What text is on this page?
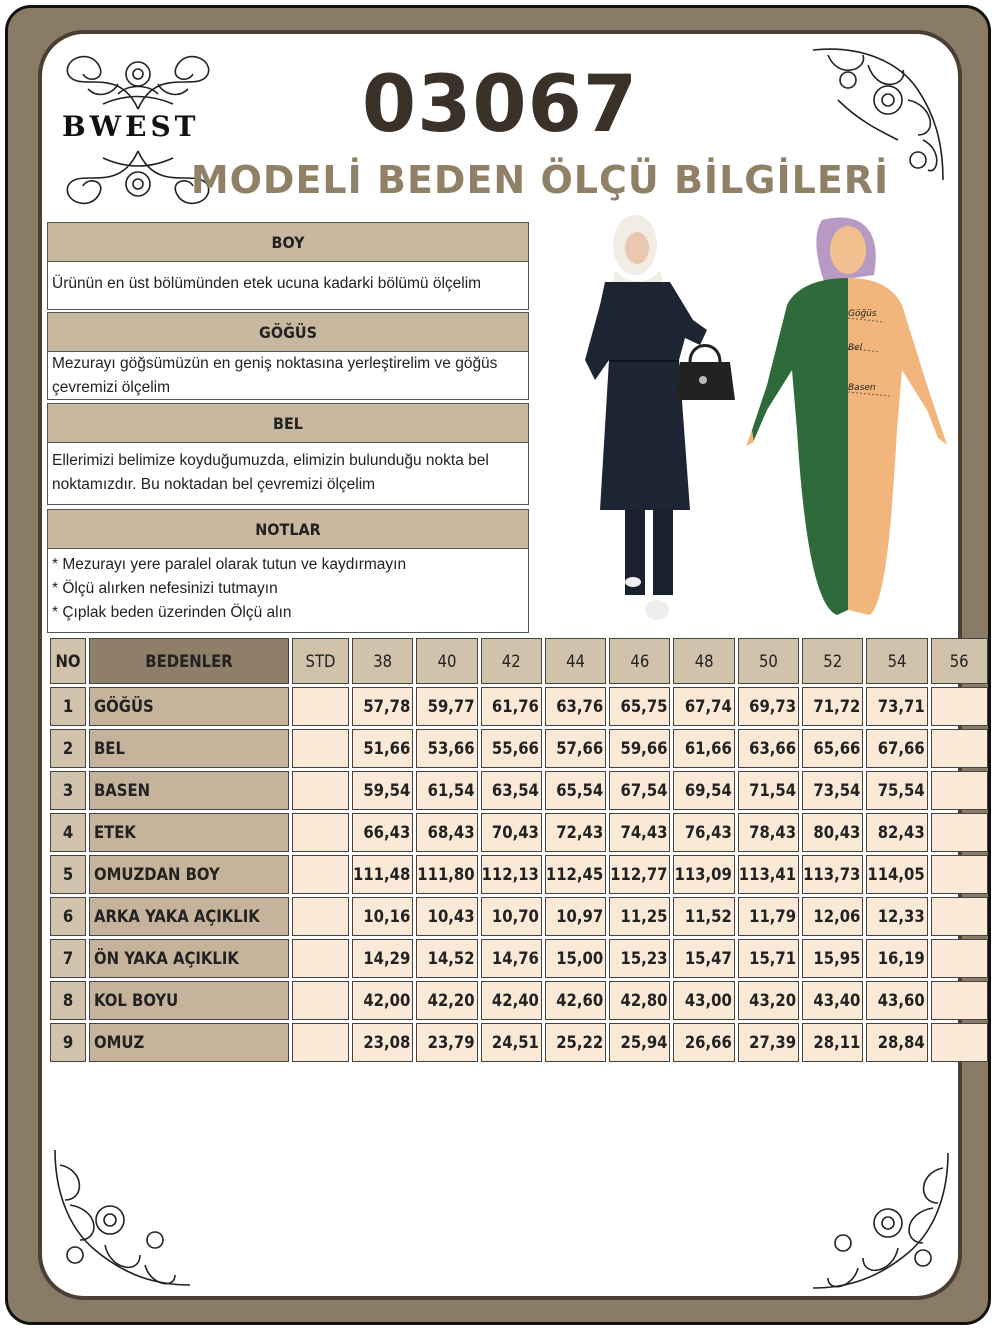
BWEST	03067
MODELİ BEDEN ÖLÇÜ BİLGİLERİ
BOY
Ürünün en üst bölümünden etek ucuna kadarki bölümü ölçelim
GÖĞÜS
Mezurayı göğsümüzün en geniş noktasına yerleştirelim ve göğüs
çevremizi ölçelim
BEL
Ellerimizi belimize koyduğumuzda, elimizin bulunduğu nokta bel
noktamızdır. Bu noktadan bel çevremizi ölçelim
NOTLAR
* Mezurayı yere paralel olarak tutun ve kaydırmayın
* Ölçü alırken nefesinizi tutmayın
* Çıplak beden üzerinden Ölçü alın
Göğüs
Bel
Basen
NO	BEDENLER	STD	38	40	42	44	46	48	50	52	54	56
1	GÖĞÜS		57,78	59,77	61,76	63,76	65,75	67,74	69,73	71,72	73,71	
2	BEL		51,66	53,66	55,66	57,66	59,66	61,66	63,66	65,66	67,66	
3	BASEN		59,54	61,54	63,54	65,54	67,54	69,54	71,54	73,54	75,54	
4	ETEK		66,43	68,43	70,43	72,43	74,43	76,43	78,43	80,43	82,43	
5	OMUZDAN BOY		111,48	111,80	112,13	112,45	112,77	113,09	113,41	113,73	114,05	
6	ARKA YAKA AÇIKLIK		10,16	10,43	10,70	10,97	11,25	11,52	11,79	12,06	12,33	
7	ÖN YAKA AÇIKLIK		14,29	14,52	14,76	15,00	15,23	15,47	15,71	15,95	16,19	
8	KOL BOYU		42,00	42,20	42,40	42,60	42,80	43,00	43,20	43,40	43,60	
9	OMUZ		23,08	23,79	24,51	25,22	25,94	26,66	27,39	28,11	28,84	
